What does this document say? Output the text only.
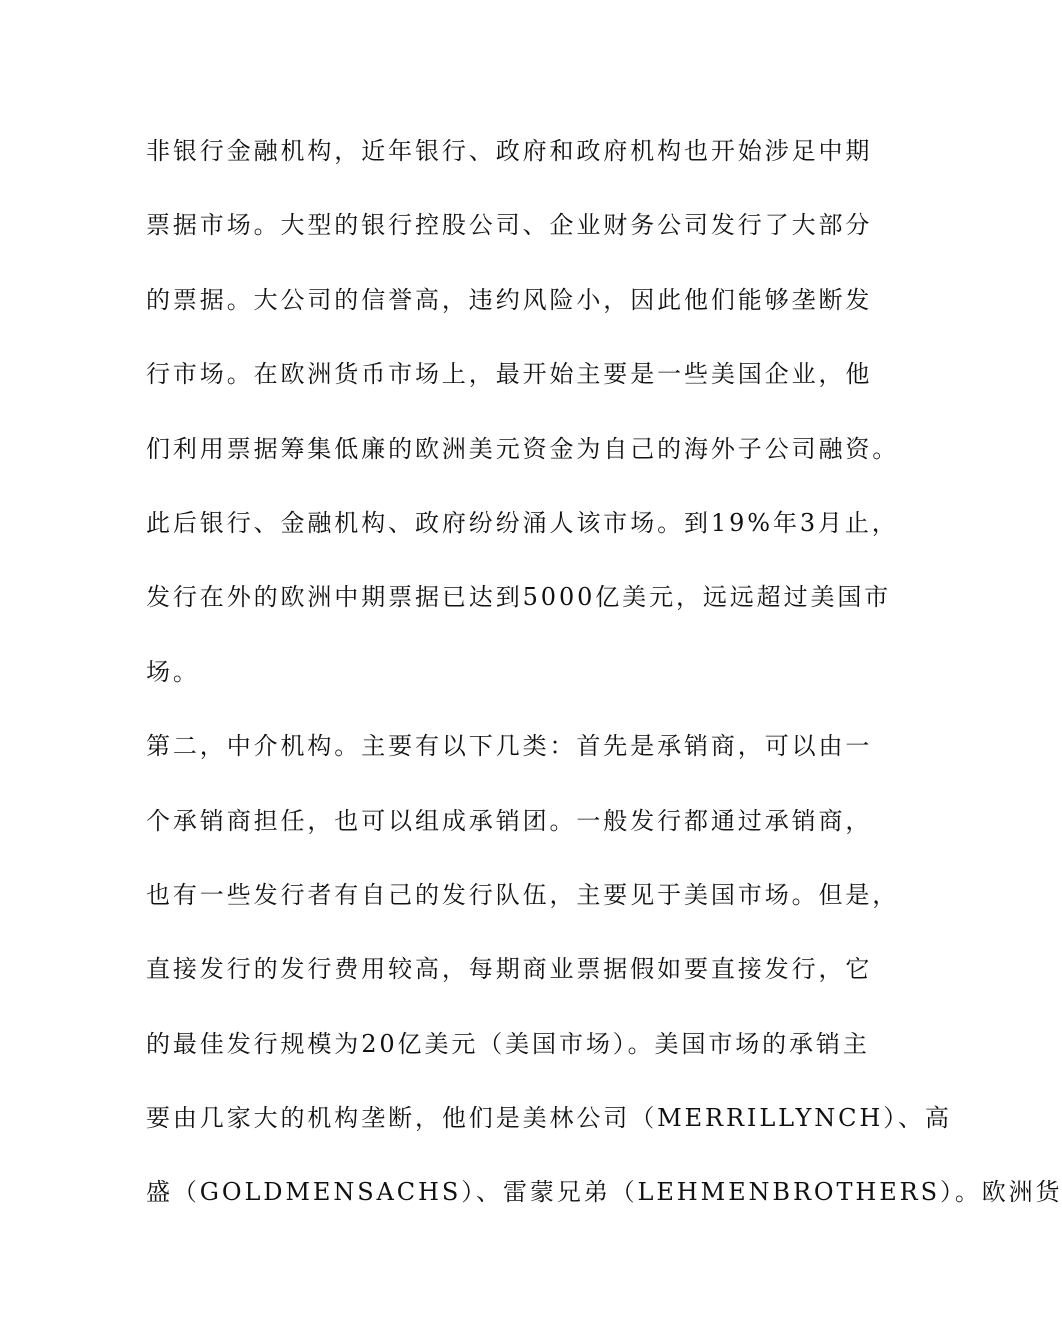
非银行金融机构，近年银行、政府和政府机构也开始涉足中期
票据市场。大型的银行控股公司、企业财务公司发行了大部分
的票据。大公司的信誉高，违约风险小，因此他们能够垄断发
行市场。在欧洲货币市场上，最开始主要是一些美国企业，他
们利用票据筹集低廉的欧洲美元资金为自己的海外子公司融资。
此后银行、金融机构、政府纷纷涌人该市场。到19%年3月止，
发行在外的欧洲中期票据已达到5000亿美元，远远超过美国市
场。
第二，中介机构。主要有以下几类：首先是承销商，可以由一
个承销商担任，也可以组成承销团。一般发行都通过承销商，
也有一些发行者有自己的发行队伍，主要见于美国市场。但是，
直接发行的发行费用较高，每期商业票据假如要直接发行，它
的最佳发行规模为20亿美元（美国市场）。美国市场的承销主
要由几家大的机构垄断，他们是美林公司（MERRILLYNCH）、高
盛（GOLDMENSACHS）、雷蒙兄弟（LEHMENBROTHERS）。欧洲货
